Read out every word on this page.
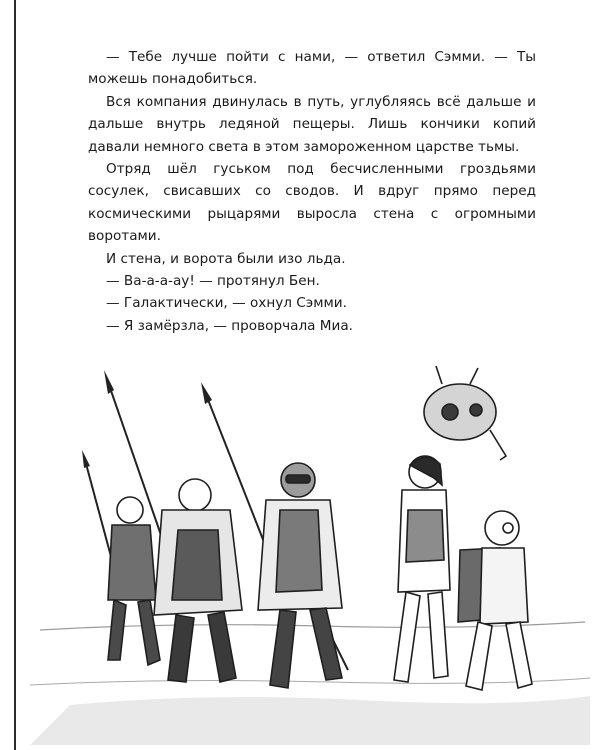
— Тебе лучше пойти с нами, — ответил Сэмми. — Ты можешь понадобиться.

Вся компания двинулась в путь, углубляясь всё дальше и дальше внутрь ледяной пещеры. Лишь кончики копий давали немного света в этом замороженном царстве тьмы.

Отряд шёл гуськом под бесчисленными гроздьями сосулек, свисавших со сводов. И вдруг прямо перед космическими рыцарями выросла стена с огромными воротами.

И стена, и ворота были изо льда.

— Ва-а-а-ау! — протянул Бен.

— Галактически, — охнул Сэмми.

— Я замёрзла, — проворчала Миа.
